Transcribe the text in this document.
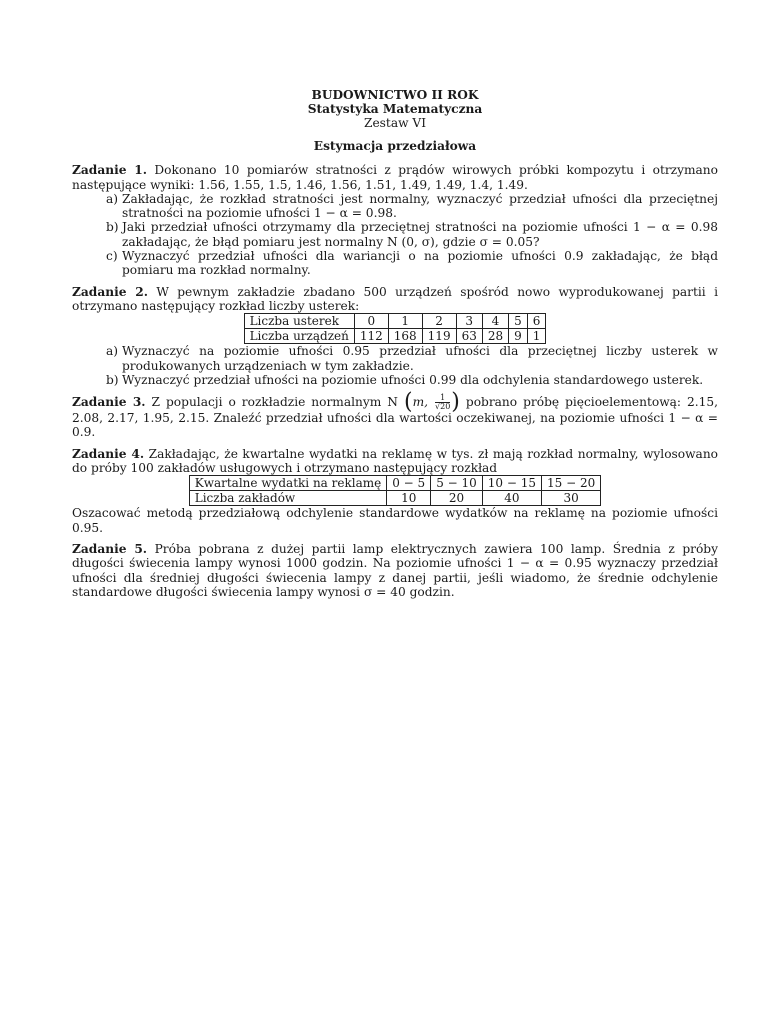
BUDOWNICTWO II ROK
Statystyka Matematyczna
Zestaw VI
Estymacja przedziałowa
Zadanie 1. Dokonano 10 pomiarów stratności z prądów wirowych próbki kompozytu i otrzymano następujące wyniki: 1.56, 1.55, 1.5, 1.46, 1.56, 1.51, 1.49, 1.49, 1.4, 1.49.
a) Zakładając, że rozkład stratności jest normalny, wyznaczyć przedział ufności dla przeciętnej stratności na poziomie ufności 1 − α = 0.98.
b) Jaki przedział ufności otrzymamy dla przeciętnej stratności na poziomie ufności 1 − α = 0.98 zakładając, że błąd pomiaru jest normalny N (0, σ), gdzie σ = 0.05?
c) Wyznaczyć przedział ufności dla wariancji o na poziomie ufności 0.9 zakładając, że błąd pomiaru ma rozkład normalny.
Zadanie 2. W pewnym zakładzie zbadano 500 urządzeń spośród nowo wyprodukowanej partii i otrzymano następujący rozkład liczby usterek:
Liczba usterek	0	1	2	3	4	5	6
Liczba urządzeń	112	168	119	63	28	9	1
a) Wyznaczyć na poziomie ufności 0.95 przedział ufności dla przeciętnej liczby usterek w produkowanych urządzeniach w tym zakładzie.
b) Wyznaczyć przedział ufności na poziomie ufności 0.99 dla odchylenia standardowego usterek.
Zadanie 3. Z populacji o rozkładzie normalnym N (m, $\frac{1}{√20}$ ) pobrano próbę pięcioelementową: 2.15, 2.08, 2.17, 1.95, 2.15. Znaleźć przedział ufności dla wartości oczekiwanej, na poziomie ufności 1 − α = 0.9.
Zadanie 4. Zakładając, że kwartalne wydatki na reklamę w tys. zł mają rozkład normalny, wylosowano do próby 100 zakładów usługowych i otrzymano następujący rozkład
Kwartalne wydatki na reklamę	0 − 5	5 − 10	10 − 15	15 − 20
Liczba zakładów	10	20	40	30
Oszacować metodą przedziałową odchylenie standardowe wydatków na reklamę na poziomie ufności 0.95.
Zadanie 5. Próba pobrana z dużej partii lamp elektrycznych zawiera 100 lamp. Średnia z próby długości świecenia lampy wynosi 1000 godzin. Na poziomie ufności 1 − α = 0.95 wyznaczy przedział ufności dla średniej długości świecenia lampy z danej partii, jeśli wiadomo, że średnie odchylenie standardowe długości świecenia lampy wynosi σ = 40 godzin.
